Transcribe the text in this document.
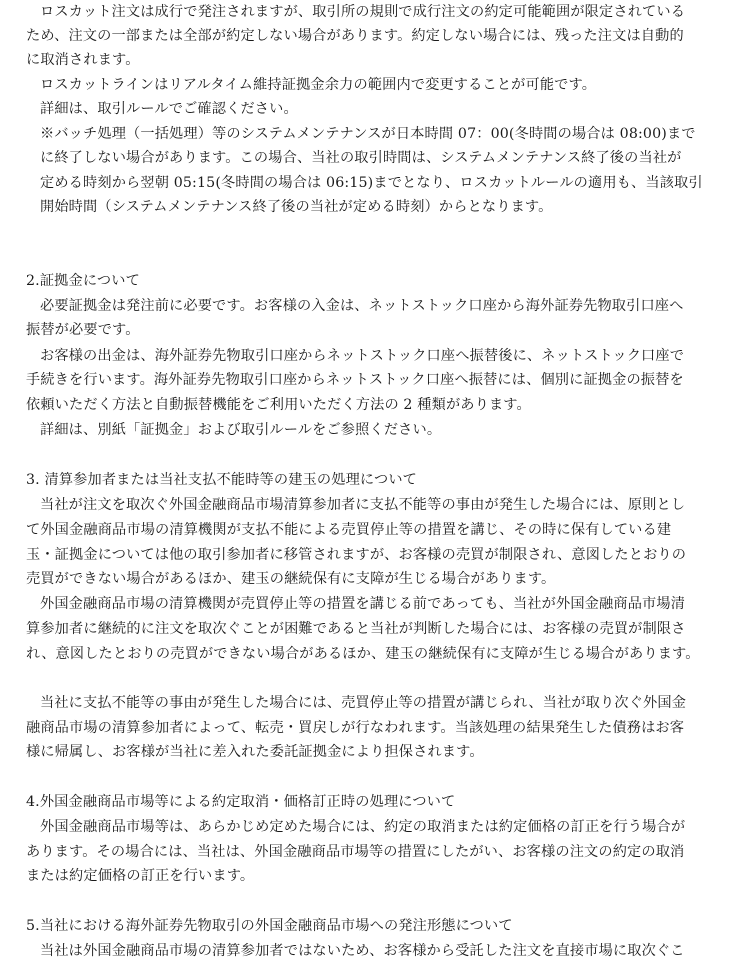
ロスカット注文は成行で発注されますが、取引所の規則で成行注文の約定可能範囲が限定されている
ため、注文の一部または全部が約定しない場合があります。約定しない場合には、残った注文は自動的
に取消されます。
ロスカットラインはリアルタイム維持証拠金余力の範囲内で変更することが可能です。
詳細は、取引ルールでご確認ください。
※バッチ処理（一括処理）等のシステムメンテナンスが日本時間 07：00(冬時間の場合は 08:00)まで
に終了しない場合があります。この場合、当社の取引時間は、システムメンテナンス終了後の当社が
定める時刻から翌朝 05:15(冬時間の場合は 06:15)までとなり、ロスカットルールの適用も、当該取引
開始時間（システムメンテナンス終了後の当社が定める時刻）からとなります。
2.証拠金について
必要証拠金は発注前に必要です。お客様の入金は、ネットストック口座から海外証券先物取引口座へ
振替が必要です。
お客様の出金は、海外証券先物取引口座からネットストック口座へ振替後に、ネットストック口座で
手続きを行います。海外証券先物取引口座からネットストック口座へ振替には、個別に証拠金の振替を
依頼いただく方法と自動振替機能をご利用いただく方法の 2 種類があります。
詳細は、別紙「証拠金」および取引ルールをご参照ください。
3. 清算参加者または当社支払不能時等の建玉の処理について
当社が注文を取次ぐ外国金融商品市場清算参加者に支払不能等の事由が発生した場合には、原則とし
て外国金融商品市場の清算機関が支払不能による売買停止等の措置を講じ、その時に保有している建
玉・証拠金については他の取引参加者に移管されますが、お客様の売買が制限され、意図したとおりの
売買ができない場合があるほか、建玉の継続保有に支障が生じる場合があります。
外国金融商品市場の清算機関が売買停止等の措置を講じる前であっても、当社が外国金融商品市場清
算参加者に継続的に注文を取次ぐことが困難であると当社が判断した場合には、お客様の売買が制限さ
れ、意図したとおりの売買ができない場合があるほか、建玉の継続保有に支障が生じる場合があります。
当社に支払不能等の事由が発生した場合には、売買停止等の措置が講じられ、当社が取り次ぐ外国金
融商品市場の清算参加者によって、転売・買戻しが行なわれます。当該処理の結果発生した債務はお客
様に帰属し、お客様が当社に差入れた委託証拠金により担保されます。
4.外国金融商品市場等による約定取消・価格訂正時の処理について
外国金融商品市場等は、あらかじめ定めた場合には、約定の取消または約定価格の訂正を行う場合が
あります。その場合には、当社は、外国金融商品市場等の措置にしたがい、お客様の注文の約定の取消
または約定価格の訂正を行います。
5.当社における海外証券先物取引の外国金融商品市場への発注形態について
当社は外国金融商品市場の清算参加者ではないため、お客様から受託した注文を直接市場に取次ぐこ
